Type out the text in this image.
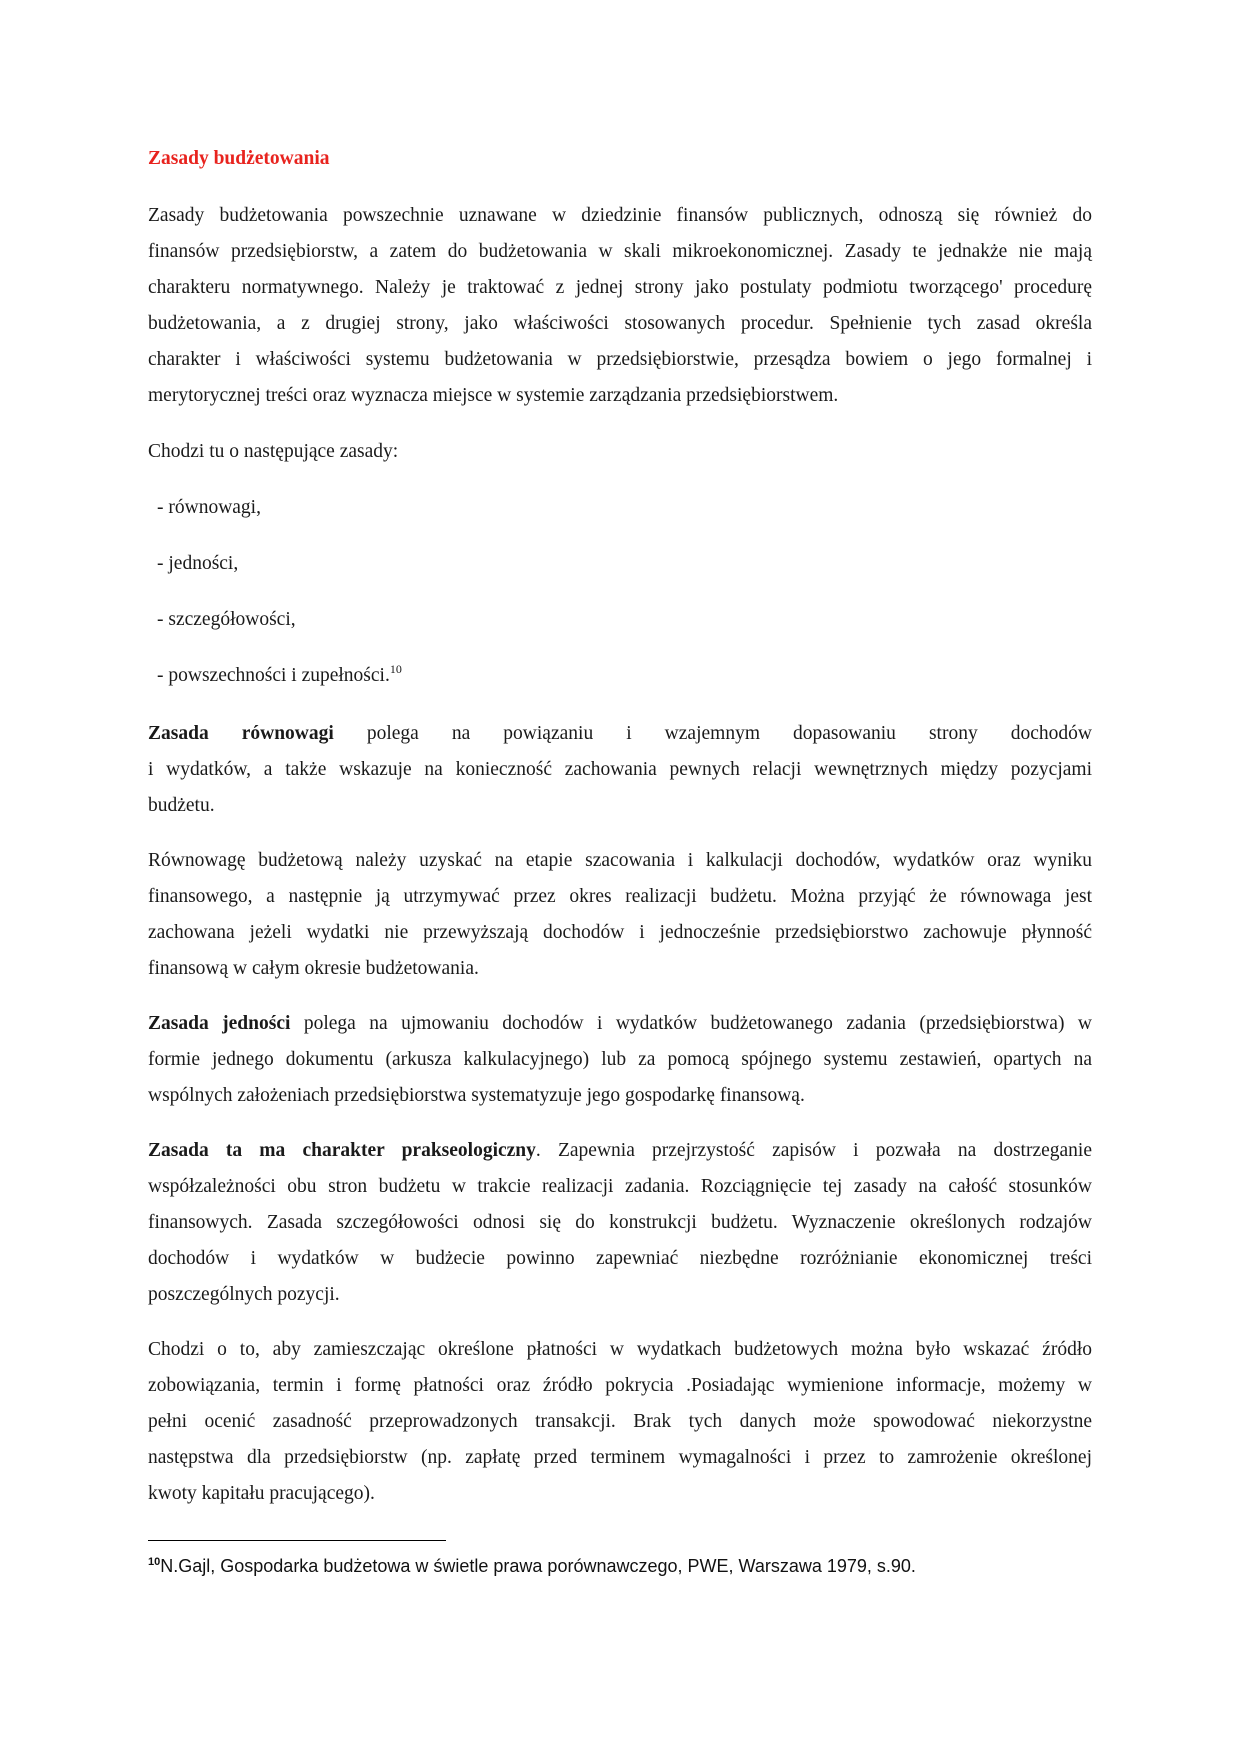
Zasady budżetowania
Zasady budżetowania powszechnie uznawane w dziedzinie finansów publicznych, odnoszą się również do
finansów przedsiębiorstw, a zatem do budżetowania w skali mikroekonomicznej. Zasady te jednakże nie mają
charakteru normatywnego. Należy je traktować z jednej strony jako postulaty podmiotu tworzącego' procedurę
budżetowania, a z drugiej strony, jako właściwości stosowanych procedur. Spełnienie tych zasad określa
charakter i właściwości systemu budżetowania w przedsiębiorstwie, przesądza bowiem o jego formalnej i
merytorycznej treści oraz wyznacza miejsce w systemie zarządzania przedsiębiorstwem.

Chodzi tu o następujące zasady:

- równowagi,

- jedności,

- szczegółowości,

- powszechności i zupełności.$^{10}$

Zasada równowagi polega na powiązaniu i wzajemnym dopasowaniu strony dochodów
i wydatków, a także wskazuje na konieczność zachowania pewnych relacji wewnętrznych między pozycjami
budżetu.
Równowagę budżetową należy uzyskać na etapie szacowania i kalkulacji dochodów, wydatków oraz wyniku
finansowego, a następnie ją utrzymywać przez okres realizacji budżetu. Można przyjąć że równowaga jest
zachowana jeżeli wydatki nie przewyższają dochodów i jednocześnie przedsiębiorstwo zachowuje płynność
finansową w całym okresie budżetowania.
Zasada jedności polega na ujmowaniu dochodów i wydatków budżetowanego zadania (przedsiębiorstwa) w
formie jednego dokumentu (arkusza kalkulacyjnego) lub za pomocą spójnego systemu zestawień, opartych na
wspólnych założeniach przedsiębiorstwa systematyzuje jego gospodarkę finansową.
Zasada ta ma charakter prakseologiczny. Zapewnia przejrzystość zapisów i pozwała na dostrzeganie
współzależności obu stron budżetu w trakcie realizacji zadania. Rozciągnięcie tej zasady na całość stosunków
finansowych. Zasada szczegółowości odnosi się do konstrukcji budżetu. Wyznaczenie określonych rodzajów
dochodów i wydatków w budżecie powinno zapewniać niezbędne rozróżnianie ekonomicznej treści
poszczególnych pozycji.
Chodzi o to, aby zamieszczając określone płatności w wydatkach budżetowych można było wskazać źródło
zobowiązania, termin i formę płatności oraz źródło pokrycia .Posiadając wymienione informacje, możemy w
pełni ocenić zasadność przeprowadzonych transakcji. Brak tych danych może spowodować niekorzystne
następstwa dla przedsiębiorstw (np. zapłatę przed terminem wymagalności i przez to zamrożenie określonej
kwoty kapitału pracującego).
$^{10}$N.Gajl, Gospodarka budżetowa w świetle prawa porównawczego, PWE, Warszawa 1979, s.90.
